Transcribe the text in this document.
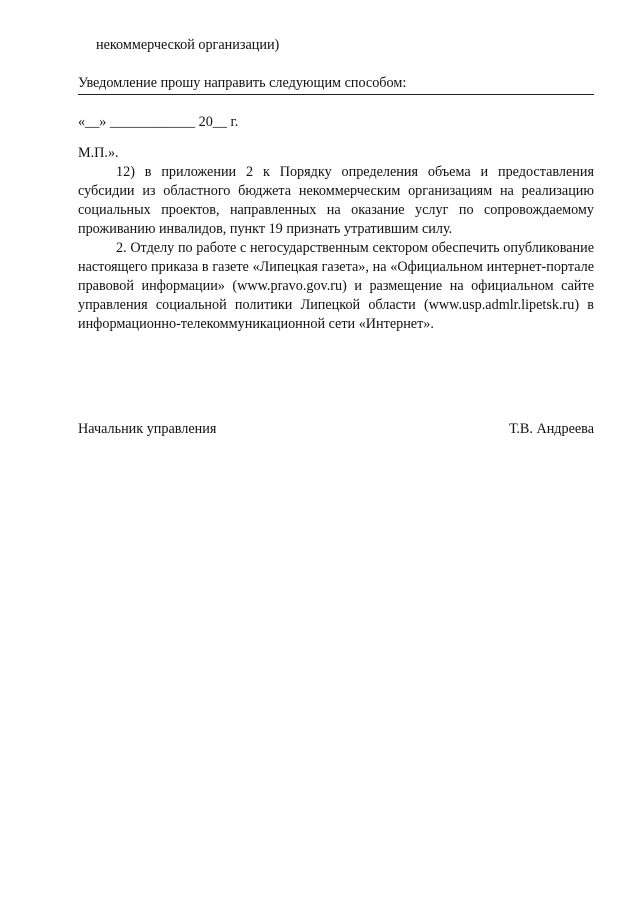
некоммерческой организации)

Уведомление прошу направить следующим способом:

«__» ____________ 20__ г.

М.П.».

12) в приложении 2 к Порядку определения объема и предоставления субсидии из областного бюджета некоммерческим организациям на реализацию социальных проектов, направленных на оказание услуг по сопровождаемому проживанию инвалидов, пункт 19 признать утратившим силу.

2. Отделу по работе с негосударственным сектором обеспечить опубликование настоящего приказа в газете «Липецкая газета», на «Официальном интернет-портале правовой информации» (www.pravo.gov.ru) и размещение на официальном сайте управления социальной политики Липецкой области (www.usp.admlr.lipetsk.ru) в информационно-телекоммуникационной сети «Интернет».

Начальник управления	Т.В. Андреева
